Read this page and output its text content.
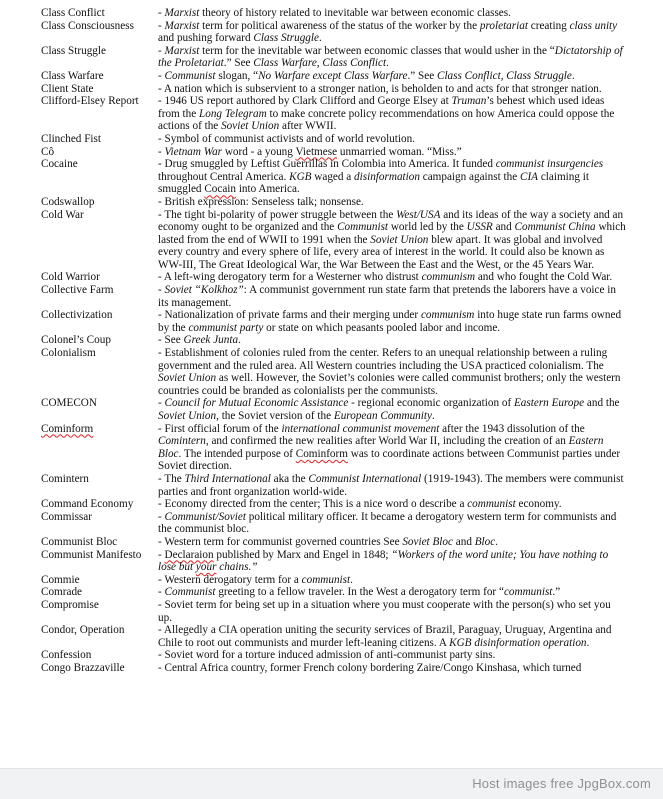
Class Conflict	- Marxist theory of history related to inevitable war between economic classes.
Class Consciousness	- Marxist term for political awareness of the status of the worker by the proletariat creating class unity and pushing forward Class Struggle.
Class Struggle	- Marxist term for the inevitable war between economic classes that would usher in the “Dictatorship of the Proletariat.” See Class Warfare, Class Conflict.
Class Warfare	- Communist slogan, “No Warfare except Class Warfare.” See Class Conflict, Class Struggle.
Client State	- A nation which is subservient to a stronger nation, is beholden to and acts for that stronger nation.
Clifford-Elsey Report	- 1946 US report authored by Clark Clifford and George Elsey at Truman’s behest which used ideas from the Long Telegram to make concrete policy recommendations on how America could oppose the actions of the Soviet Union after WWII.
Clinched Fist	- Symbol of communist activists and of world revolution.
Cô	- Vietnam War word - a young Vietmese unmarried woman. “Miss.”
Cocaine	- Drug smuggled by Leftist Guerrillas in Colombia into America. It funded communist insurgencies throughout Central America. KGB waged a disinformation campaign against the CIA claiming it smuggled Cocain into America.
Codswallop	- British expression: Senseless talk; nonsense.
Cold War	- The tight bi-polarity of power struggle between the West/USA and its ideas of the way a society and an economy ought to be organized and the Communist world led by the USSR and Communist China which lasted from the end of WWII to 1991 when the Soviet Union blew apart. It was global and involved every country and every sphere of life, every area of interest in the world. It could also be known as WW-III, The Great Ideological War, the War Between the East and the West, or the 45 Years War.
Cold Warrior	- A left-wing derogatory term for a Westerner who distrust communism and who fought the Cold War.
Collective Farm	- Soviet “Kolkhoz”: A communist government run state farm that pretends the laborers have a voice in its management.
Collectivization	- Nationalization of private farms and their merging under communism into huge state run farms owned by the communist party or state on which peasants pooled labor and income.
Colonel’s Coup	- See Greek Junta.
Colonialism	- Establishment of colonies ruled from the center. Refers to an unequal relationship between a ruling government and the ruled area. All Western countries including the USA practiced colonialism. The Soviet Union as well. However, the Soviet’s colonies were called communist brothers; only the western countries could be branded as colonialists per the communists.
COMECON	- Council for Mutual Economic Assistance - regional economic organization of Eastern Europe and the Soviet Union, the Soviet version of the European Community.
Cominform	- First official forum of the international communist movement after the 1943 dissolution of the Comintern, and confirmed the new realities after World War II, including the creation of an Eastern Bloc. The intended purpose of Cominform was to coordinate actions between Communist parties under Soviet direction.
Comintern	- The Third International aka the Communist International (1919-1943). The members were communist parties and front organization world-wide.
Command Economy	- Economy directed from the center; This is a nice word o describe a communist economy.
Commissar	- Communist/Soviet political military officer. It became a derogatory western term for communists and the communist bloc.
Communist Bloc	- Western term for communist governed countries See Soviet Bloc and Bloc.
Communist Manifesto	- Declaraion published by Marx and Engel in 1848; “Workers of the word unite; You have nothing to lose but your chains.”
Commie	- Western derogatory term for a communist.
Comrade	- Communist greeting to a fellow traveler. In the West a derogatory term for “communist.”
Compromise	- Soviet term for being set up in a situation where you must cooperate with the person(s) who set you up.
Condor, Operation	- Allegedly a CIA operation uniting the security services of Brazil, Paraguay, Uruguay, Argentina and Chile to root out communists and murder left-leaning citizens. A KGB disinformation operation.
Confession	- Soviet word for a torture induced admission of anti-communist party sins.
Congo Brazzaville	- Central Africa country, former French colony bordering Zaire/Congo Kinshasa, which turned
Host images free JpgBox.com
